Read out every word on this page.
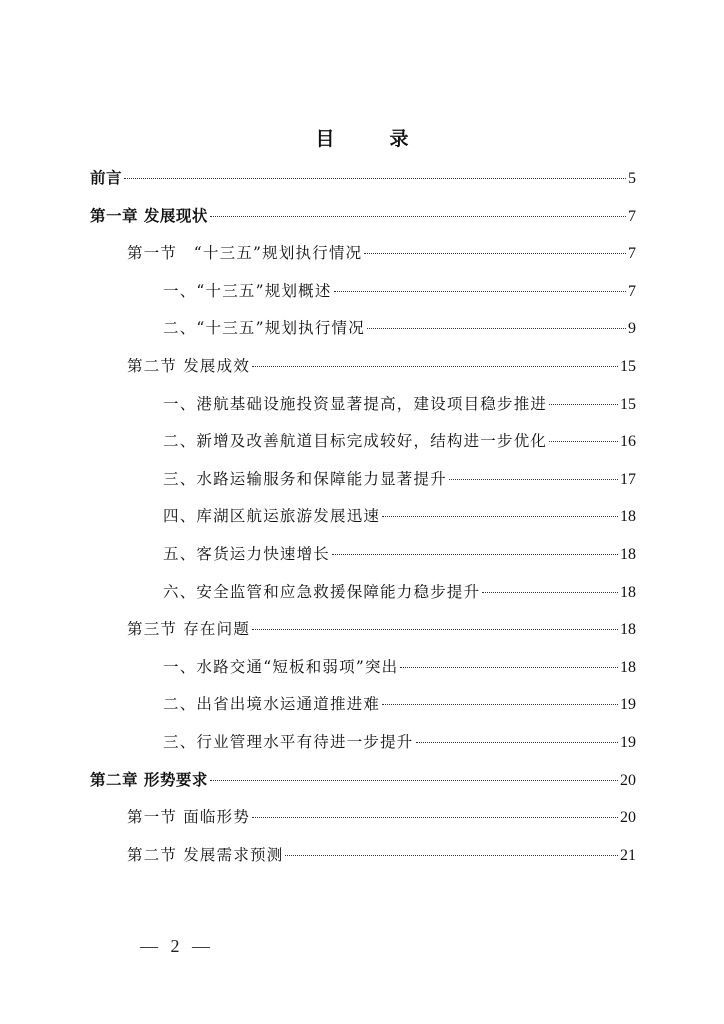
目　录
前言	5
第一章 发展现状	7
第一节　“十三五”规划执行情况	7
一、“十三五”规划概述	7
二、“十三五”规划执行情况	9
第二节 发展成效	15
一、港航基础设施投资显著提高，建设项目稳步推进	15
二、新增及改善航道目标完成较好，结构进一步优化	16
三、水路运输服务和保障能力显著提升	17
四、库湖区航运旅游发展迅速	18
五、客货运力快速增长	18
六、安全监管和应急救援保障能力稳步提升	18
第三节 存在问题	18
一、水路交通“短板和弱项”突出	18
二、出省出境水运通道推进难	19
三、行业管理水平有待进一步提升	19
第二章 形势要求	20
第一节 面临形势	20
第二节 发展需求预测	21
— 2 —
